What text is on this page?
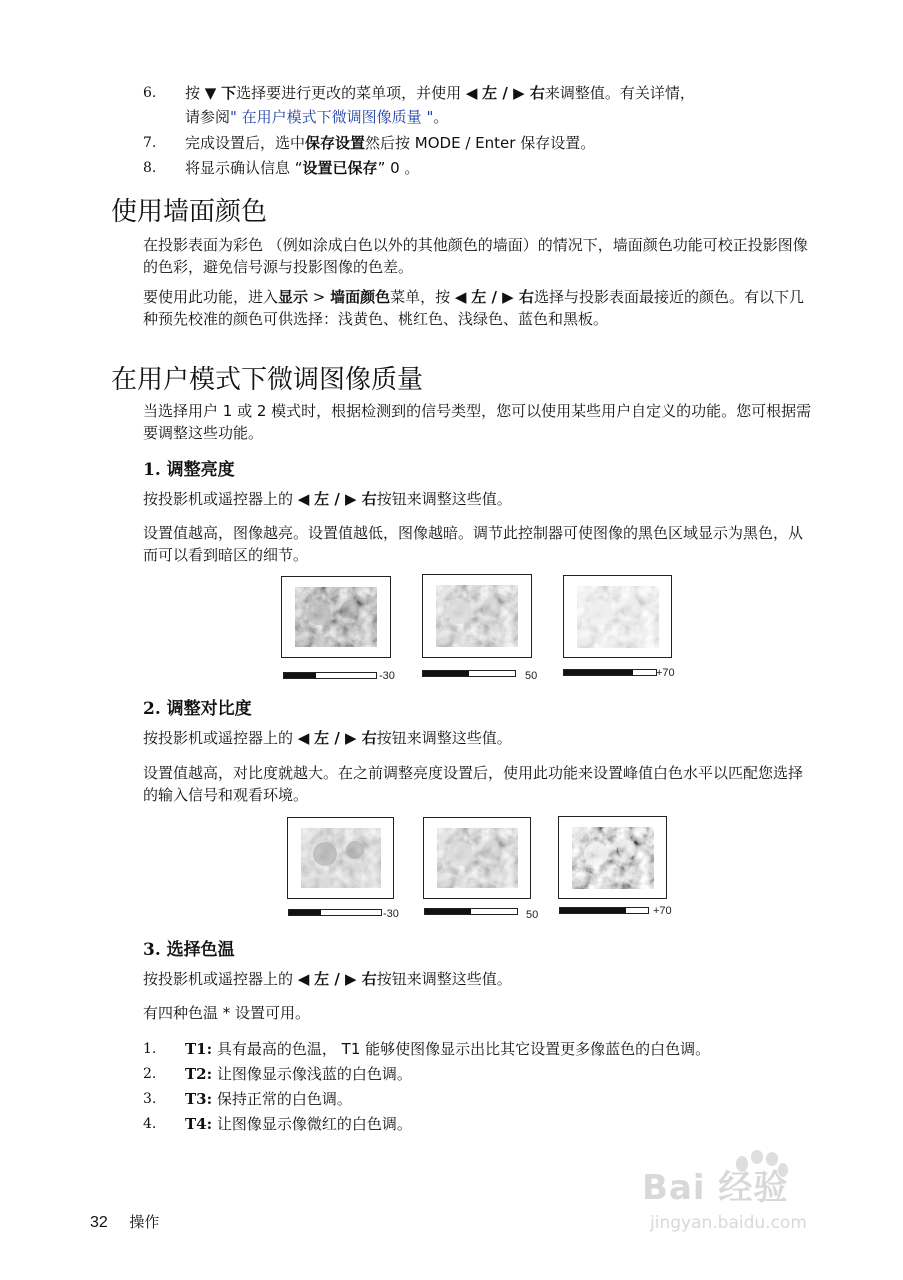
6. 按 ▼ 下选择要进行更改的菜单项，并使用 ◀ 左 / ▶ 右来调整值。有关详情，
请参阅" 在用户模式下微调图像质量 "。
7. 完成设置后，选中保存设置然后按 MODE / Enter 保存设置。
8. 将显示确认信息 “设置已保存” 0 。
使用墙面颜色
在投影表面为彩色 （例如涂成白色以外的其他颜色的墙面）的情况下，墙面颜色功能可校正投影图像的色彩，避免信号源与投影图像的色差。
要使用此功能，进入显示 > 墙面颜色菜单，按 ◀ 左 / ▶ 右选择与投影表面最接近的颜色。有以下几种预先校准的颜色可供选择：浅黄色、桃红色、浅绿色、蓝色和黑板。
在用户模式下微调图像质量
当选择用户 1 或 2 模式时，根据检测到的信号类型，您可以使用某些用户自定义的功能。您可根据需要调整这些功能。
1. 调整亮度
按投影机或遥控器上的 ◀ 左 / ▶ 右按钮来调整这些值。
设置值越高，图像越亮。设置值越低，图像越暗。调节此控制器可使图像的黑色区域显示为黑色，从而可以看到暗区的细节。
-30	50	+70
2. 调整对比度
按投影机或遥控器上的 ◀ 左 / ▶ 右按钮来调整这些值。
设置值越高，对比度就越大。在之前调整亮度设置后，使用此功能来设置峰值白色水平以匹配您选择的输入信号和观看环境。
-30	50	+70
3. 选择色温
按投影机或遥控器上的 ◀ 左 / ▶ 右按钮来调整这些值。
有四种色温 * 设置可用。
1. T1: 具有最高的色温， T1 能够使图像显示出比其它设置更多像蓝色的白色调。
2. T2: 让图像显示像浅蓝的白色调。
3. T3: 保持正常的白色调。
4. T4: 让图像显示像微红的白色调。
Bai 经验
jingyan.baidu.com
32 操作
